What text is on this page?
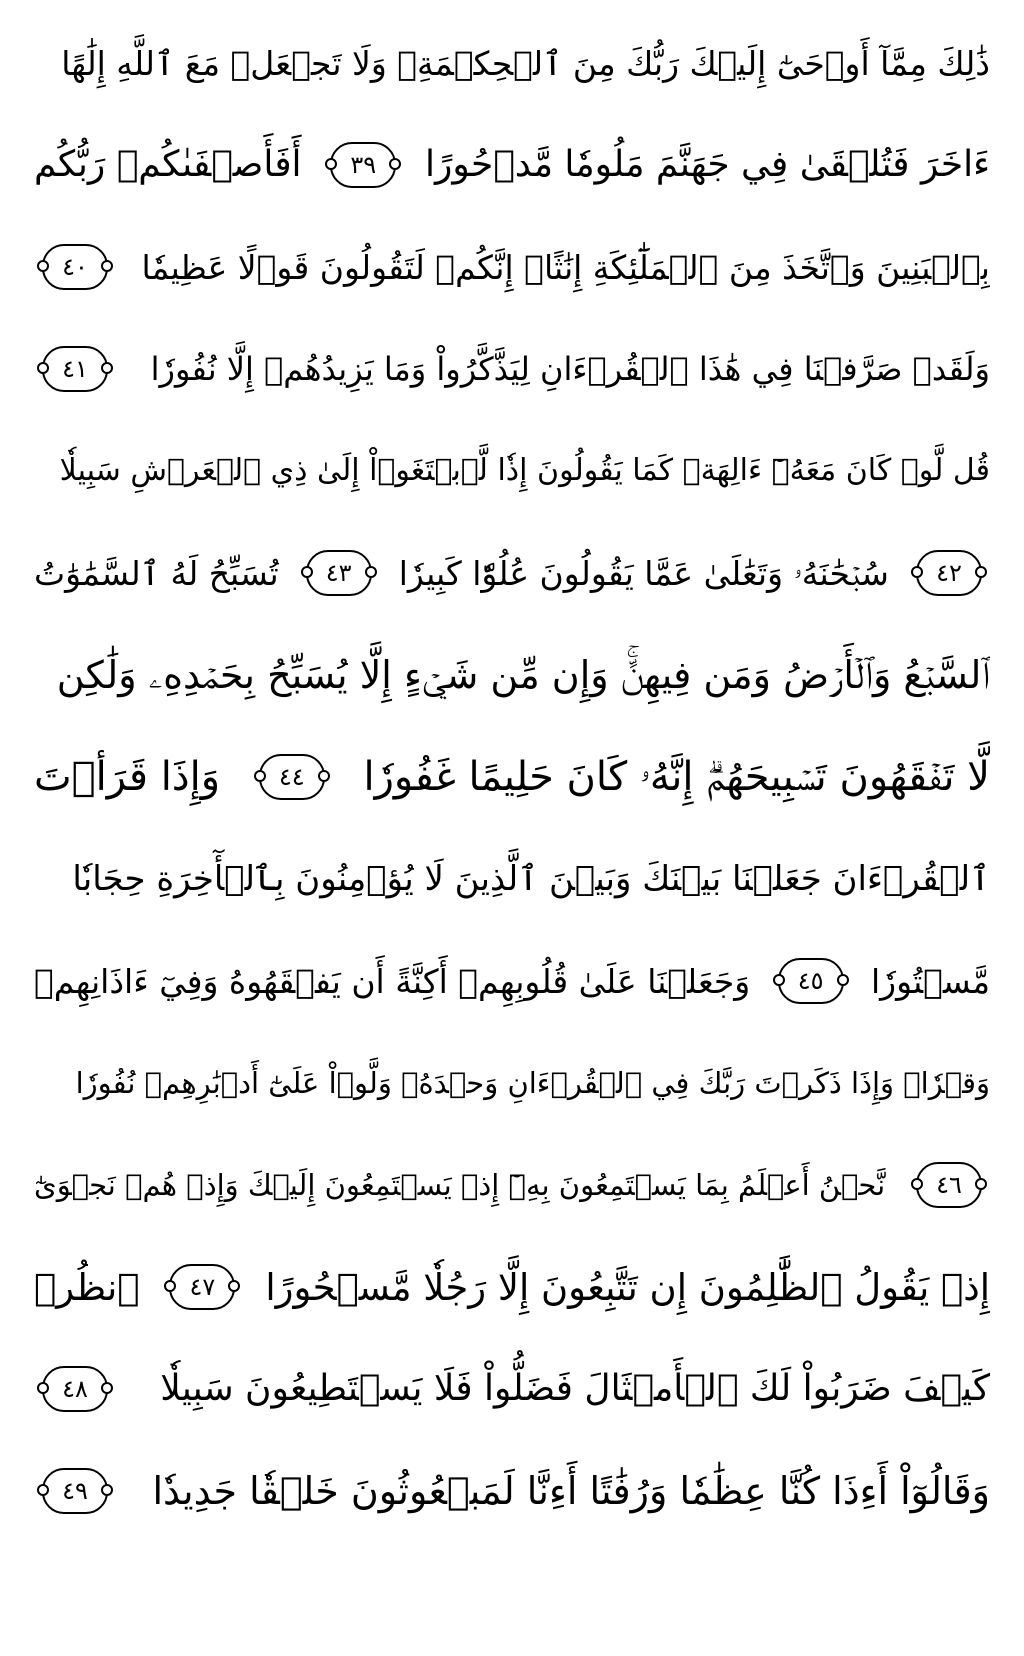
ذَٰلِكَ مِمَّآ أَوۡحَىٰٓ إِلَيۡكَ رَبُّكَ مِنَ ٱلۡحِكۡمَةِۗ وَلَا تَجۡعَلۡ مَعَ ٱللَّهِ إِلَٰهًا
ءَاخَرَ فَتُلۡقَىٰ فِي جَهَنَّمَ مَلُومٗا مَّدۡحُورًا
٣٩
أَفَأَصۡفَىٰكُمۡ رَبُّكُم
بِٱلۡبَنِينَ وَٱتَّخَذَ مِنَ ٱلۡمَلَٰٓئِكَةِ إِنَٰثًاۚ إِنَّكُمۡ لَتَقُولُونَ قَوۡلًا عَظِيمٗا
٤٠
وَلَقَدۡ صَرَّفۡنَا فِي هَٰذَا ٱلۡقُرۡءَانِ لِيَذَّكَّرُواْ وَمَا يَزِيدُهُمۡ إِلَّا نُفُورٗا
٤١
قُل لَّوۡ كَانَ مَعَهُۥٓ ءَالِهَةٞ كَمَا يَقُولُونَ إِذٗا لَّٱبۡتَغَوۡاْ إِلَىٰ ذِي ٱلۡعَرۡشِ سَبِيلٗا
٤٢
سُبۡحَٰنَهُۥ وَتَعَٰلَىٰ عَمَّا يَقُولُونَ عُلُوّٗا كَبِيرٗا
٤٣
تُسَبِّحُ لَهُ ٱلسَّمَٰوَٰتُ
ٱلسَّبۡعُ وَٱلۡأَرۡضُ وَمَن فِيهِنَّۚ وَإِن مِّن شَيۡءٍ إِلَّا يُسَبِّحُ بِحَمۡدِهِۦ وَلَٰكِن
لَّا تَفۡقَهُونَ تَسۡبِيحَهُمۡۗ إِنَّهُۥ كَانَ حَلِيمًا غَفُورٗا
٤٤
وَإِذَا قَرَأۡتَ
ٱلۡقُرۡءَانَ جَعَلۡنَا بَيۡنَكَ وَبَيۡنَ ٱلَّذِينَ لَا يُؤۡمِنُونَ بِٱلۡأٓخِرَةِ حِجَابٗا
مَّسۡتُورٗا
٤٥
وَجَعَلۡنَا عَلَىٰ قُلُوبِهِمۡ أَكِنَّةً أَن يَفۡقَهُوهُ وَفِيٓ ءَاذَانِهِمۡ
وَقۡرٗاۚ وَإِذَا ذَكَرۡتَ رَبَّكَ فِي ٱلۡقُرۡءَانِ وَحۡدَهُۥ وَلَّوۡاْ عَلَىٰٓ أَدۡبَٰرِهِمۡ نُفُورٗا
٤٦
نَّحۡنُ أَعۡلَمُ بِمَا يَسۡتَمِعُونَ بِهِۦٓ إِذۡ يَسۡتَمِعُونَ إِلَيۡكَ وَإِذۡ هُمۡ نَجۡوَىٰٓ
إِذۡ يَقُولُ ٱلظَّٰلِمُونَ إِن تَتَّبِعُونَ إِلَّا رَجُلٗا مَّسۡحُورًا
٤٧
ٱنظُرۡ
كَيۡفَ ضَرَبُواْ لَكَ ٱلۡأَمۡثَالَ فَضَلُّواْ فَلَا يَسۡتَطِيعُونَ سَبِيلٗا
٤٨
وَقَالُوٓاْ أَءِذَا كُنَّا عِظَٰمٗا وَرُفَٰتًا أَءِنَّا لَمَبۡعُوثُونَ خَلۡقٗا جَدِيدٗا
٤٩
